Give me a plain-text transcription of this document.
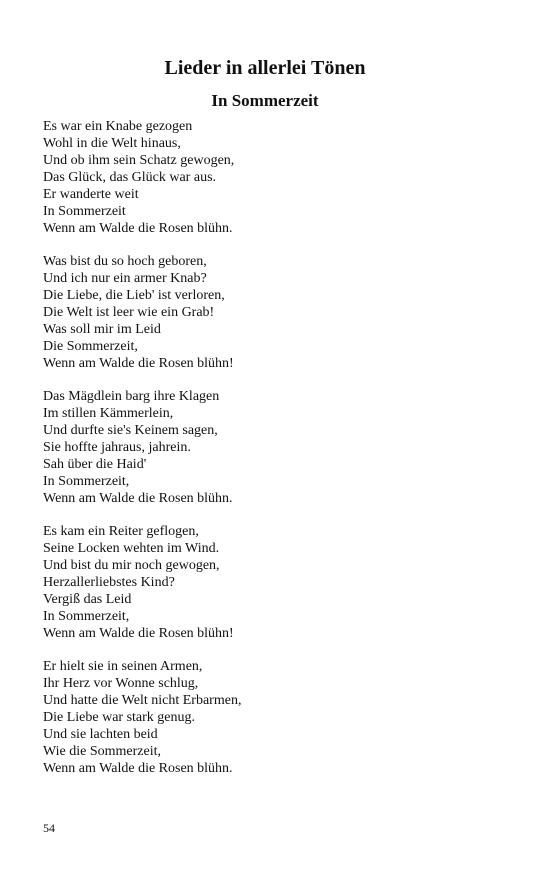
Lieder in allerlei Tönen
In Sommerzeit
Es war ein Knabe gezogen
Wohl in die Welt hinaus,
Und ob ihm sein Schatz gewogen,
Das Glück, das Glück war aus.
Er wanderte weit
In Sommerzeit
Wenn am Walde die Rosen blühn.
Was bist du so hoch geboren,
Und ich nur ein armer Knab?
Die Liebe, die Lieb' ist verloren,
Die Welt ist leer wie ein Grab!
Was soll mir im Leid
Die Sommerzeit,
Wenn am Walde die Rosen blühn!
Das Mägdlein barg ihre Klagen
Im stillen Kämmerlein,
Und durfte sie's Keinem sagen,
Sie hoffte jahraus, jahrein.
Sah über die Haid'
In Sommerzeit,
Wenn am Walde die Rosen blühn.
Es kam ein Reiter geflogen,
Seine Locken wehten im Wind.
Und bist du mir noch gewogen,
Herzallerliebstes Kind?
Vergiß das Leid
In Sommerzeit,
Wenn am Walde die Rosen blühn!
Er hielt sie in seinen Armen,
Ihr Herz vor Wonne schlug,
Und hatte die Welt nicht Erbarmen,
Die Liebe war stark genug.
Und sie lachten beid
Wie die Sommerzeit,
Wenn am Walde die Rosen blühn.
54
